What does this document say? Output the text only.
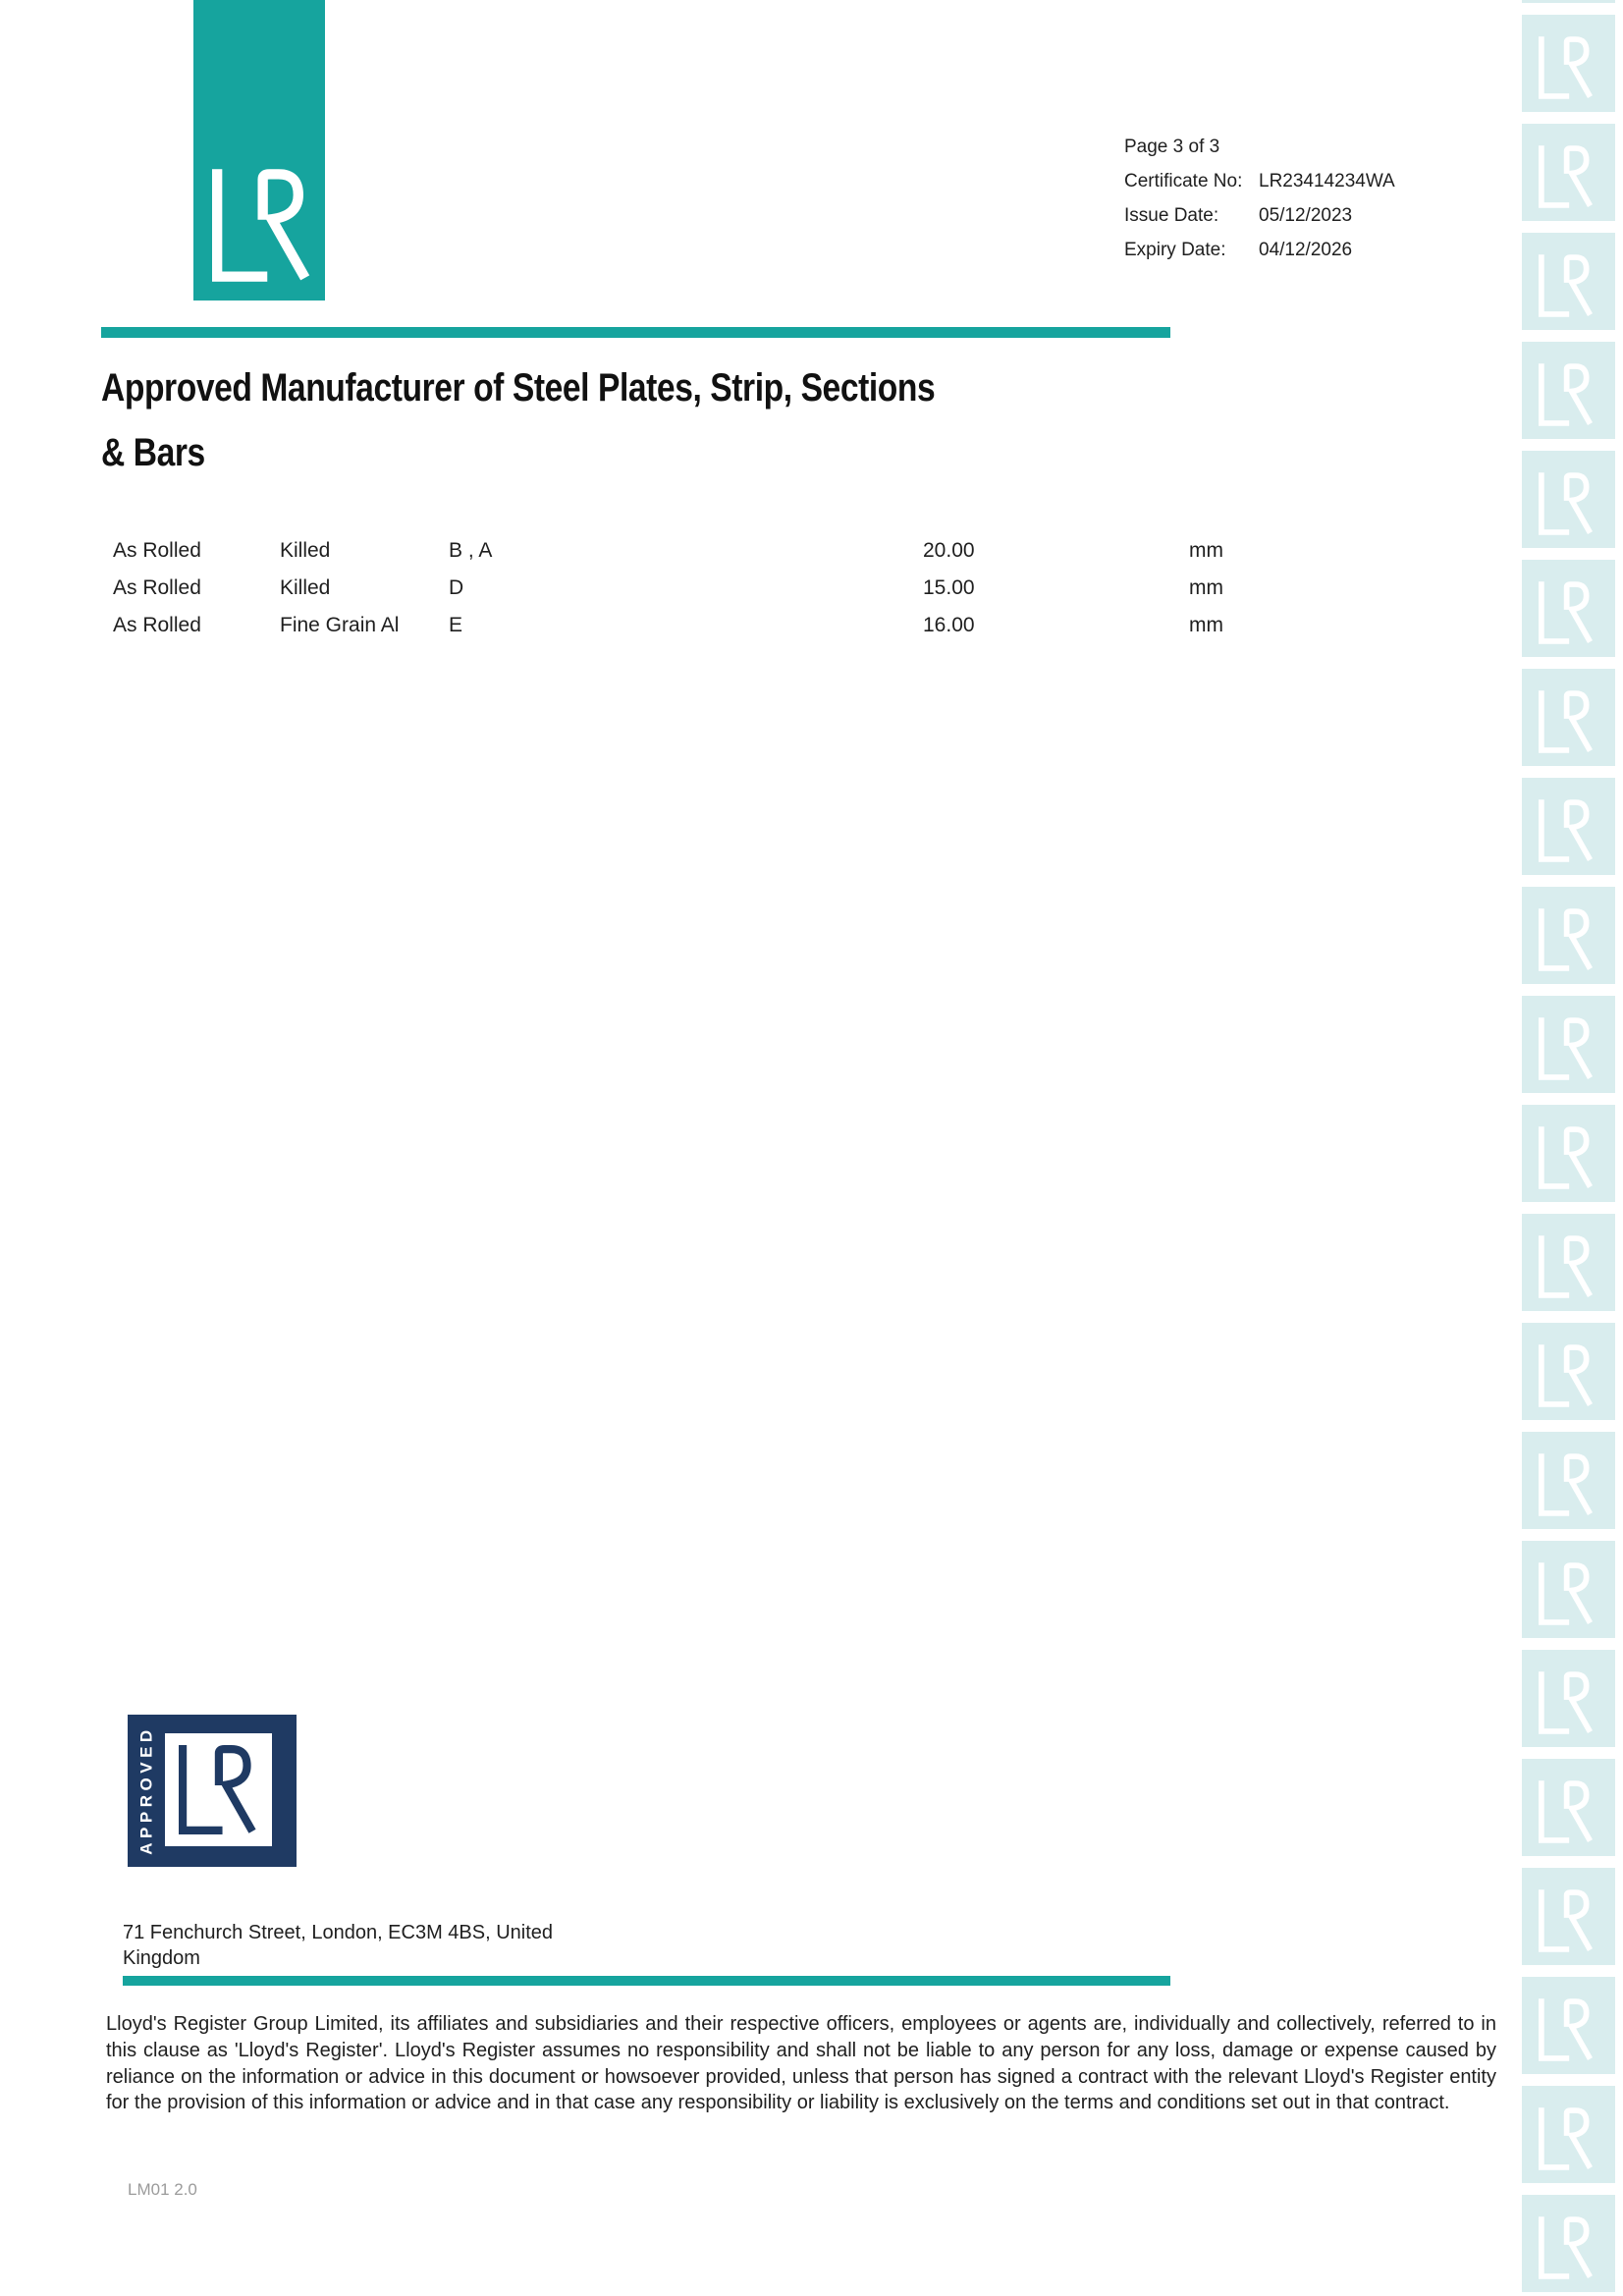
Page 3 of 3
Certificate No: LR23414234WA
Issue Date: 05/12/2023
Expiry Date: 04/12/2026
Approved Manufacturer of Steel Plates, Strip, Sections
& Bars
As Rolled	Killed	B , A	20.00	mm
As Rolled	Killed	D	15.00	mm
As Rolled	Fine Grain Al	E	16.00	mm
APPROVED
71 Fenchurch Street, London, EC3M 4BS, United
Kingdom
Lloyd's Register Group Limited, its affiliates and subsidiaries and their respective officers, employees or agents are, individually and collectively, referred to in this clause as 'Lloyd's Register'. Lloyd's Register assumes no responsibility and shall not be liable to any person for any loss, damage or expense caused by reliance on the information or advice in this document or howsoever provided, unless that person has signed a contract with the relevant Lloyd's Register entity for the provision of this information or advice and in that case any responsibility or liability is exclusively on the terms and conditions set out in that contract.
LM01 2.0
